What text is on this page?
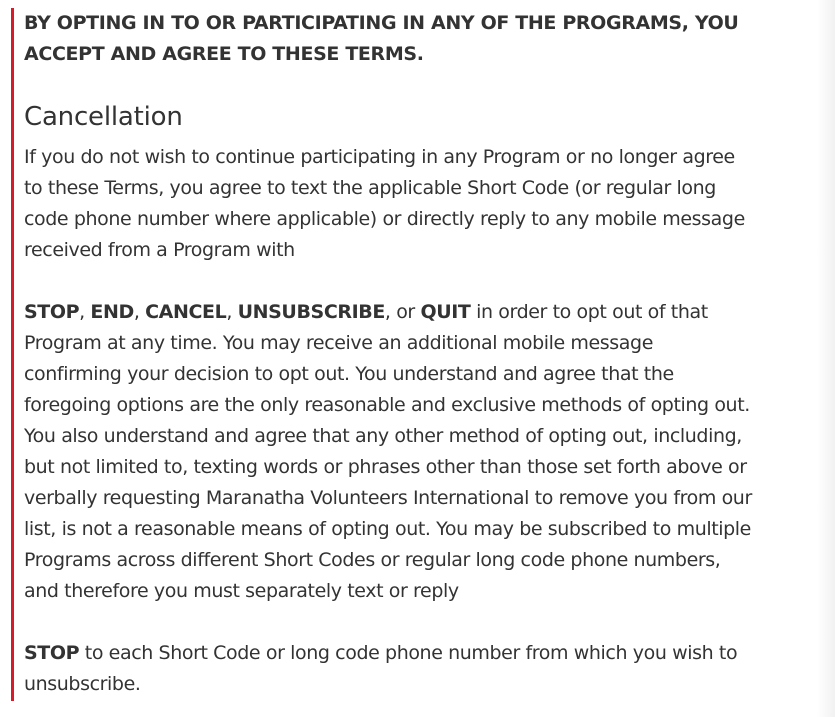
BY OPTING IN TO OR PARTICIPATING IN ANY OF THE PROGRAMS, YOU ACCEPT AND AGREE TO THESE TERMS.

Cancellation

If you do not wish to continue participating in any Program or no longer agree to these Terms, you agree to text the applicable Short Code (or regular long code phone number where applicable) or directly reply to any mobile message received from a Program with

STOP, END, CANCEL, UNSUBSCRIBE, or QUIT in order to opt out of that Program at any time. You may receive an additional mobile message confirming your decision to opt out. You understand and agree that the foregoing options are the only reasonable and exclusive methods of opting out. You also understand and agree that any other method of opting out, including, but not limited to, texting words or phrases other than those set forth above or verbally requesting Maranatha Volunteers International to remove you from our list, is not a reasonable means of opting out. You may be subscribed to multiple Programs across different Short Codes or regular long code phone numbers, and therefore you must separately text or reply

STOP to each Short Code or long code phone number from which you wish to unsubscribe.
